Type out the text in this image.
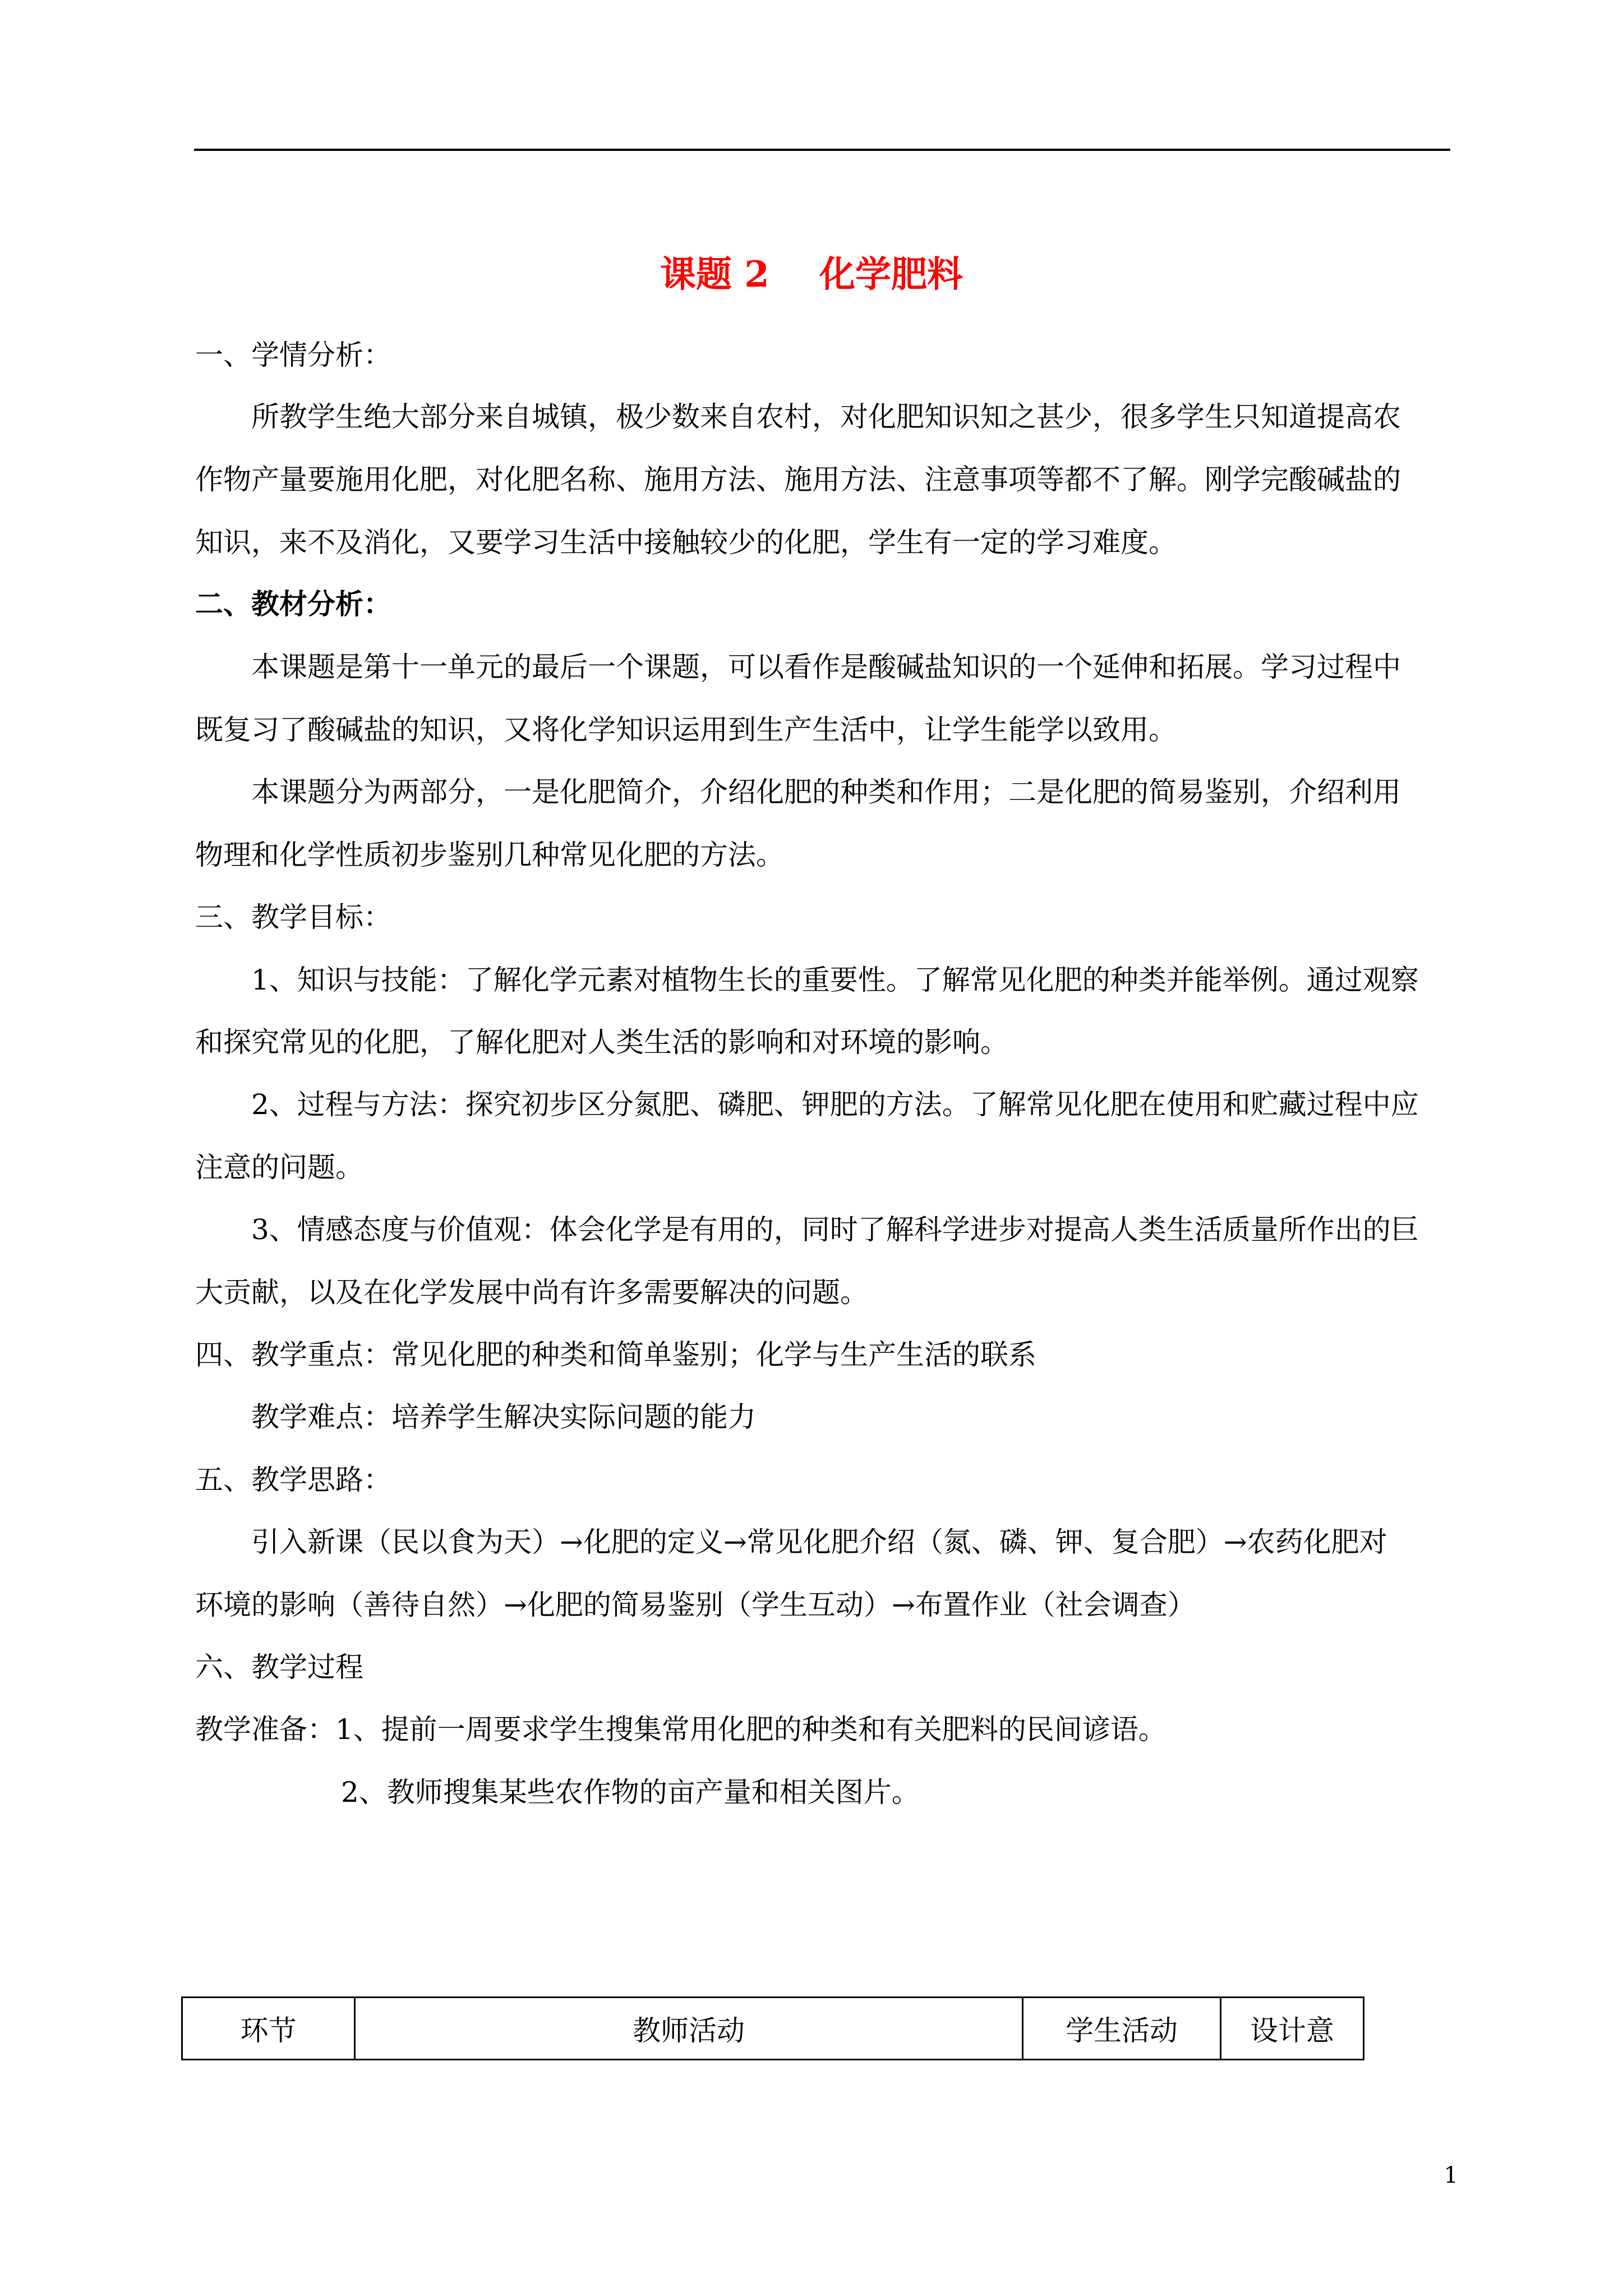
课题 2    化学肥料
一、学情分析：
所教学生绝大部分来自城镇，极少数来自农村，对化肥知识知之甚少，很多学生只知道提高农
作物产量要施用化肥，对化肥名称、施用方法、施用方法、注意事项等都不了解。刚学完酸碱盐的
知识，来不及消化，又要学习生活中接触较少的化肥，学生有一定的学习难度。
二、教材分析：
本课题是第十一单元的最后一个课题，可以看作是酸碱盐知识的一个延伸和拓展。学习过程中
既复习了酸碱盐的知识，又将化学知识运用到生产生活中，让学生能学以致用。
本课题分为两部分，一是化肥简介，介绍化肥的种类和作用；二是化肥的简易鉴别，介绍利用
物理和化学性质初步鉴别几种常见化肥的方法。
三、教学目标：
1、知识与技能：了解化学元素对植物生长的重要性。了解常见化肥的种类并能举例。通过观察
和探究常见的化肥，了解化肥对人类生活的影响和对环境的影响。
2、过程与方法：探究初步区分氮肥、磷肥、钾肥的方法。了解常见化肥在使用和贮藏过程中应
注意的问题。
3、情感态度与价值观：体会化学是有用的，同时了解科学进步对提高人类生活质量所作出的巨
大贡献，以及在化学发展中尚有许多需要解决的问题。
四、教学重点：常见化肥的种类和简单鉴别；化学与生产生活的联系
教学难点：培养学生解决实际问题的能力
五、教学思路：
引入新课（民以食为天）→化肥的定义→常见化肥介绍（氮、磷、钾、复合肥）→农药化肥对
环境的影响（善待自然）→化肥的简易鉴别（学生互动）→布置作业（社会调查）
六、教学过程
教学准备：1、提前一周要求学生搜集常用化肥的种类和有关肥料的民间谚语。
2、教师搜集某些农作物的亩产量和相关图片。
环节	教师活动	学生活动	设计意
1
